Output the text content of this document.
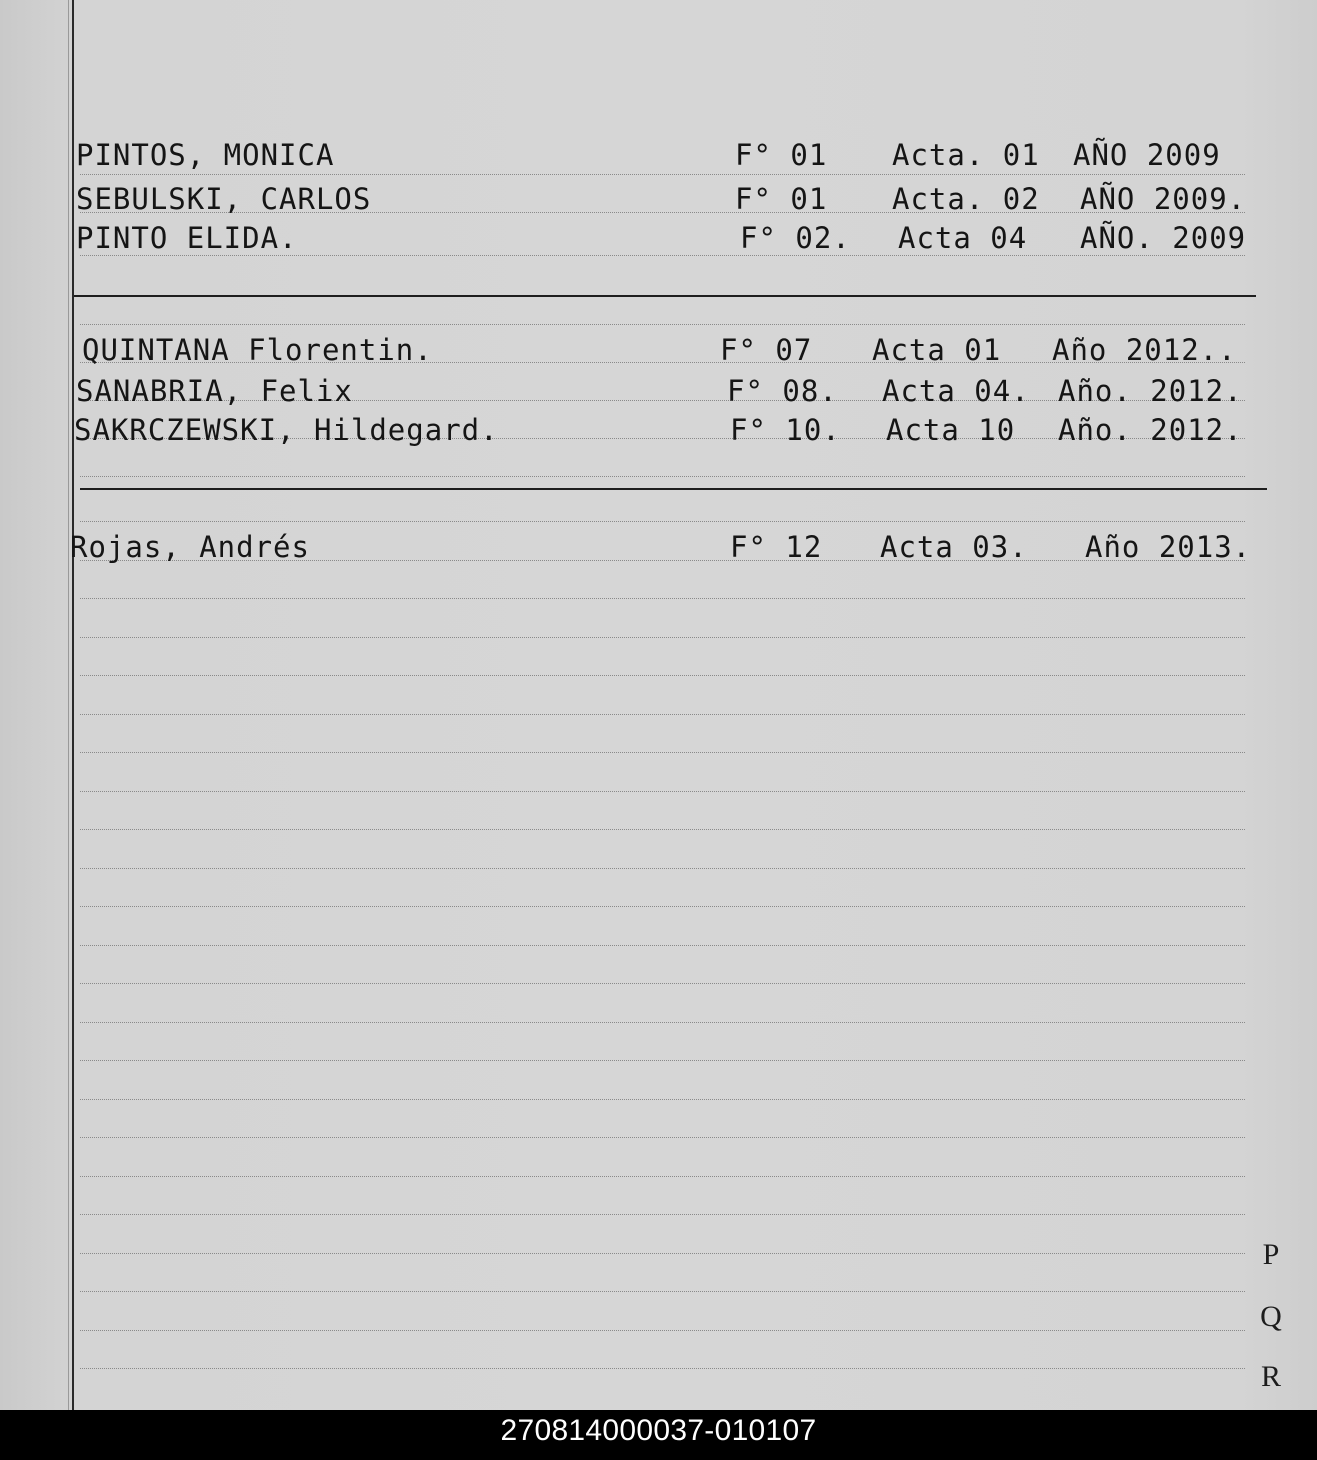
PINTOS, MONICA	F° 01 Acta. 01 AÑO 2009
SEBULSKI, CARLOS	F° 01 Acta. 02 AÑO 2009.
PINTO ELIDA.	F° 02. Acta 04 AÑO. 2009
QUINTANA Florentin.	F° 07 Acta 01 Año 2012..
SANABRIA, Felix	F° 08. Acta 04. Año. 2012.
SAKRCZEWSKI, Hildegard.	F° 10. Acta 10 Año. 2012.
Rojas, Andrés	F° 12 Acta 03. Año 2013.
P
Q
R
270814000037-010107
